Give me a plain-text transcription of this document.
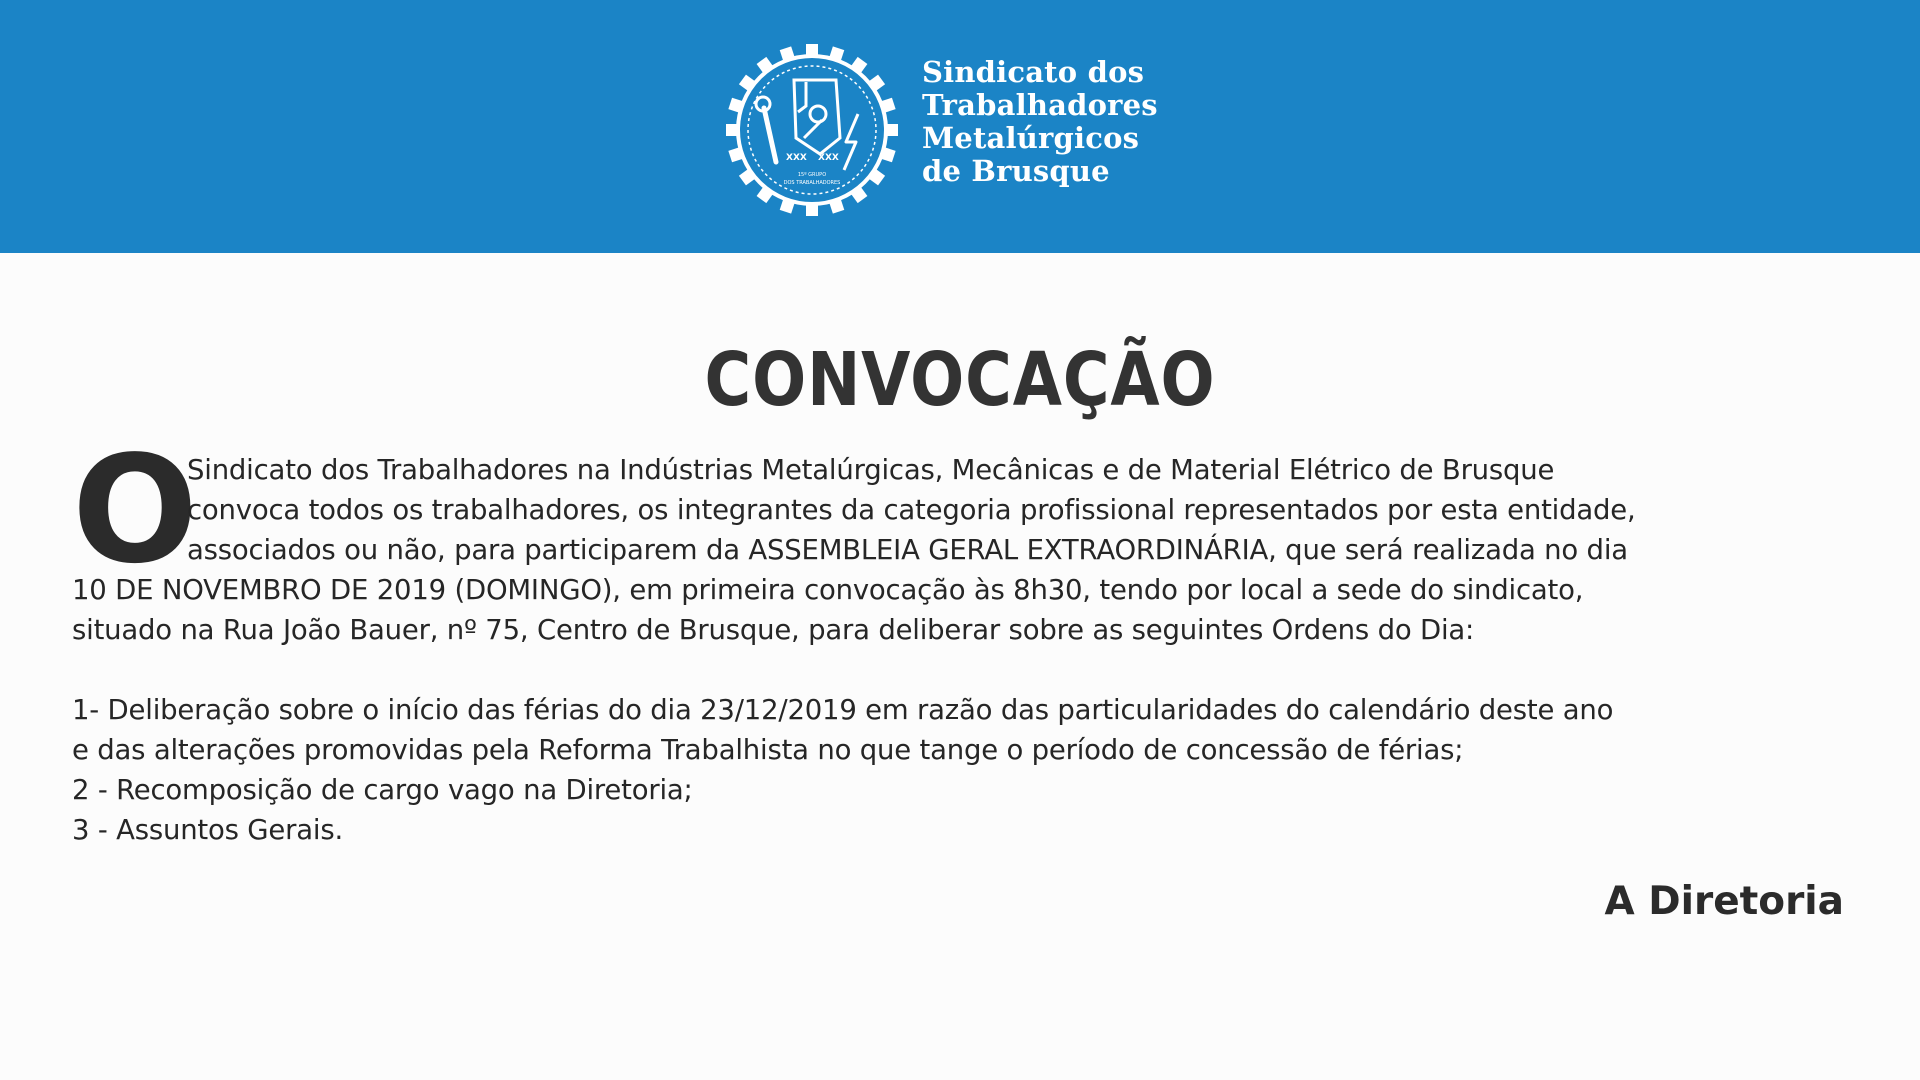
XXX XXX
15º GRUPO
DOS TRABALHADORES
Sindicato dos
Trabalhadores
Metalúrgicos
de Brusque
CONVOCAÇÃO
O
Sindicato dos Trabalhadores na Indústrias Metalúrgicas, Mecânicas e de Material Elétrico de Brusque
convoca todos os trabalhadores, os integrantes da categoria profissional representados por esta entidade,
associados ou não, para participarem da ASSEMBLEIA GERAL EXTRAORDINÁRIA, que será realizada no dia
10 DE NOVEMBRO DE 2019 (DOMINGO), em primeira convocação às 8h30, tendo por local a sede do sindicato,
situado na Rua João Bauer, nº 75, Centro de Brusque, para deliberar sobre as seguintes Ordens do Dia:
1- Deliberação sobre o início das férias do dia 23/12/2019 em razão das particularidades do calendário deste ano
e das alterações promovidas pela Reforma Trabalhista no que tange o período de concessão de férias;
2 - Recomposição de cargo vago na Diretoria;
3 - Assuntos Gerais.
A Diretoria
